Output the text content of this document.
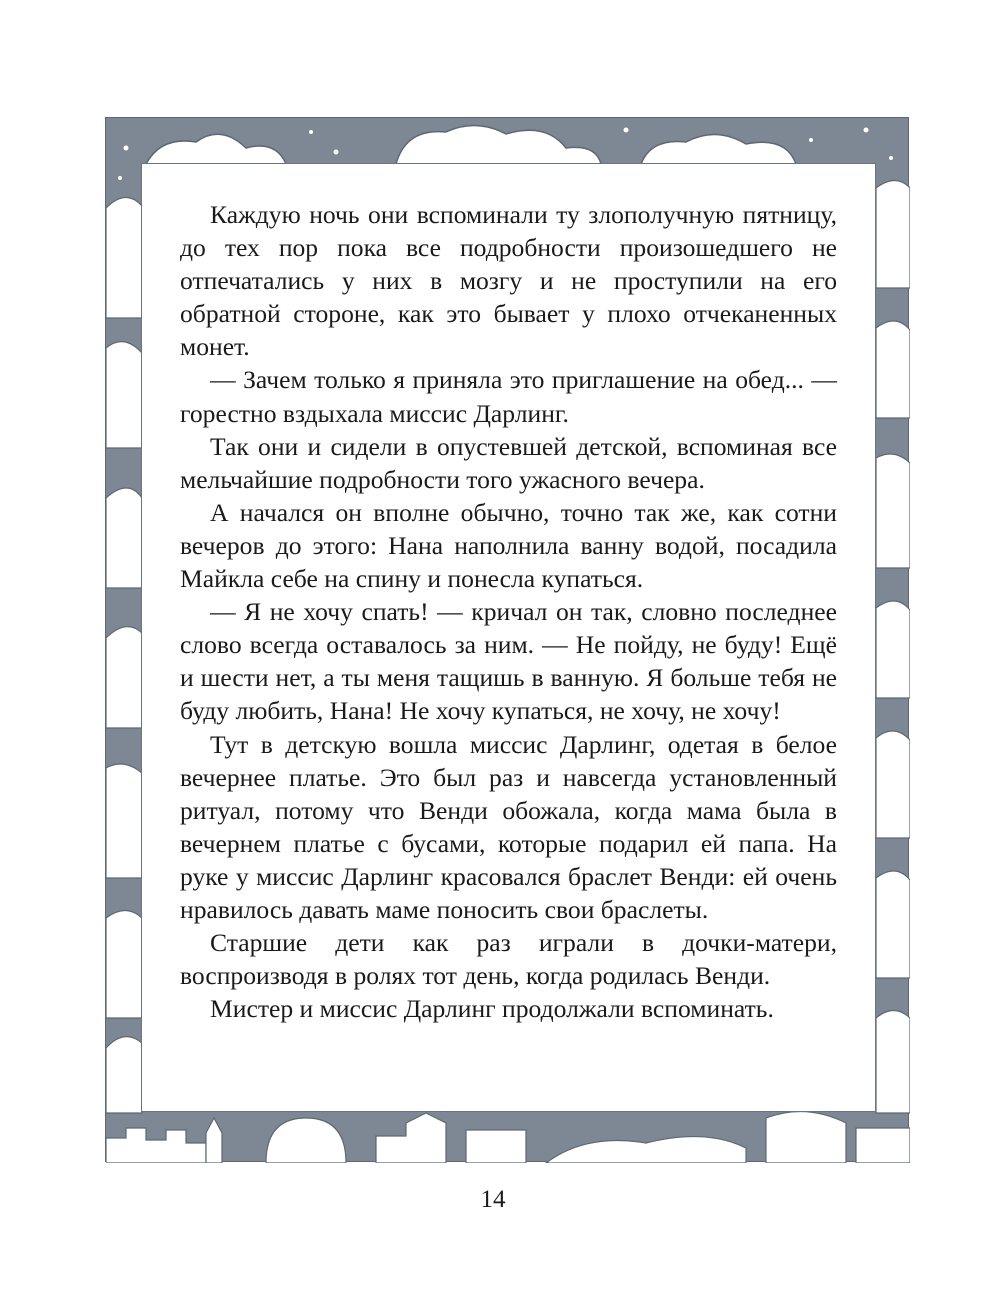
Каждую ночь они вспоминали ту злополучную пятницу, до тех пор пока все подробности произошедшего не отпечатались у них в мозгу и не проступили на его обратной стороне, как это бывает у плохо отчеканенных монет.

— Зачем только я приняла это приглашение на обед... — горестно вздыхала миссис Дарлинг.

Так они и сидели в опустевшей детской, вспоминая все мельчайшие подробности того ужасного вечера.

А начался он вполне обычно, точно так же, как сотни вечеров до этого: Нана наполнила ванну водой, посадила Майкла себе на спину и понесла купаться.

— Я не хочу спать! — кричал он так, словно последнее слово всегда оставалось за ним. — Не пойду, не буду! Ещё и шести нет, а ты меня тащишь в ванную. Я больше тебя не буду любить, Нана! Не хочу купаться, не хочу, не хочу!

Тут в детскую вошла миссис Дарлинг, одетая в белое вечернее платье. Это был раз и навсегда установленный ритуал, потому что Венди обожала, когда мама была в вечернем платье с бусами, которые подарил ей папа. На руке у миссис Дарлинг красовался браслет Венди: ей очень нравилось давать маме поносить свои браслеты.

Старшие дети как раз играли в дочки-матери, воспроизводя в ролях тот день, когда родилась Венди.

Мистер и миссис Дарлинг продолжали вспоминать.

14
